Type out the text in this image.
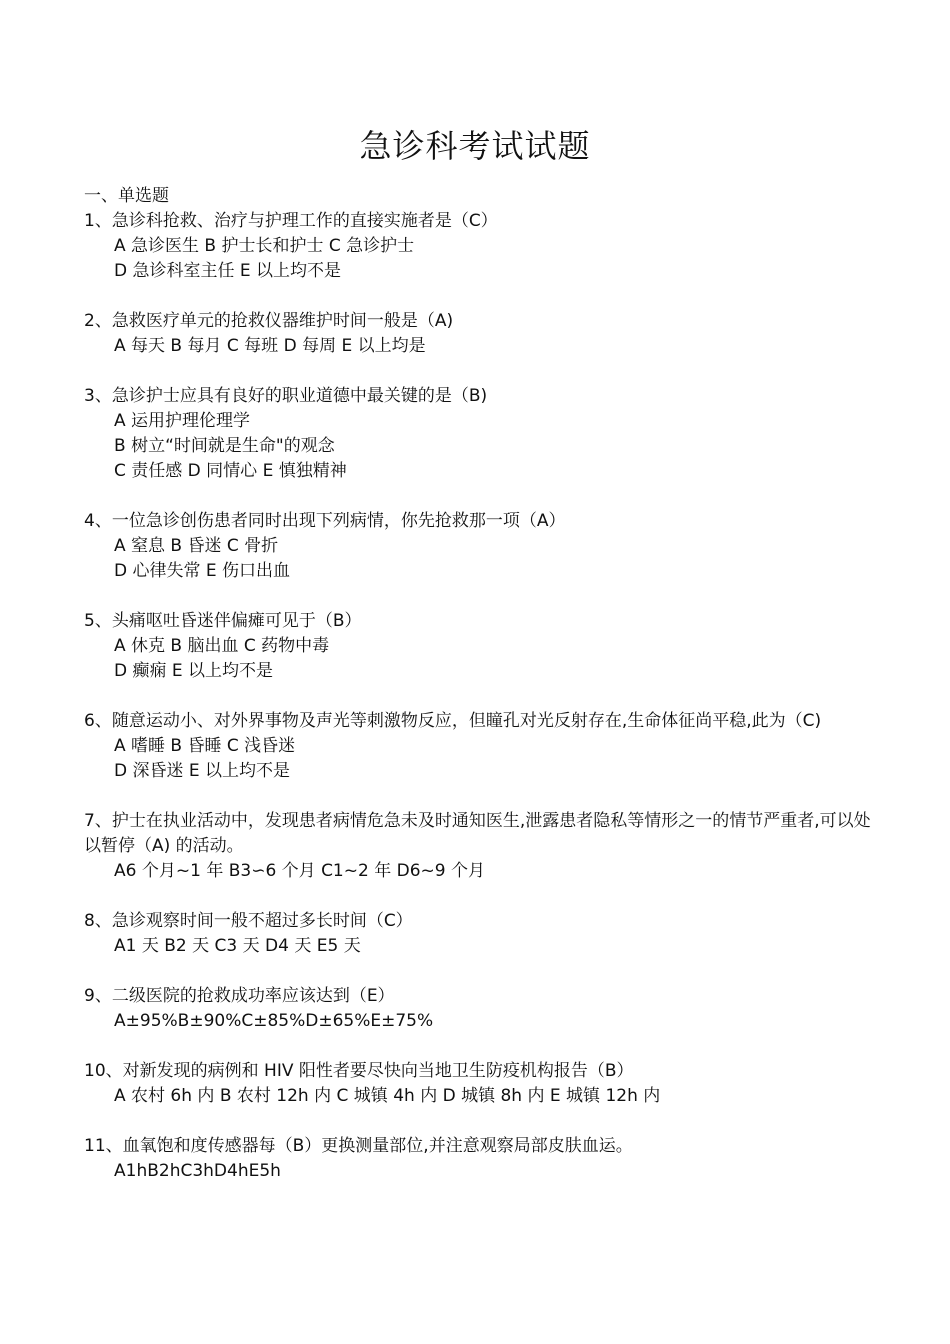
急诊科考试试题

一、单选题

1、急诊科抢救、治疗与护理工作的直接实施者是（C）

A 急诊医生 B 护士长和护士 C 急诊护士

D 急诊科室主任 E 以上均不是

2、急救医疗单元的抢救仪器维护时间一般是（A)

A 每天 B 每月 C 每班 D 每周 E 以上均是

3、急诊护士应具有良好的职业道德中最关键的是（B)

A 运用护理伦理学

B 树立“时间就是生命"的观念

C 责任感 D 同情心 E 慎独精神

4、一位急诊创伤患者同时出现下列病情，你先抢救那一项（A）

A 窒息 B 昏迷 C 骨折

D 心律失常 E 伤口出血

5、头痛呕吐昏迷伴偏瘫可见于（B）

A 休克 B 脑出血 C 药物中毒

D 癫痫 E 以上均不是

6、随意运动小、对外界事物及声光等刺激物反应，但瞳孔对光反射存在,生命体征尚平稳,此为（C)

A 嗜睡 B 昏睡 C 浅昏迷

D 深昏迷 E 以上均不是

7、护士在执业活动中，发现患者病情危急未及时通知医生,泄露患者隐私等情形之一的情节严重者,可以处以暂停（A) 的活动。

A6 个月~1 年 B3∽6 个月 C1~2 年 D6~9 个月

8、急诊观察时间一般不超过多长时间（C）

A1 天 B2 天 C3 天 D4 天 E5 天

9、二级医院的抢救成功率应该达到（E）

A±95%B±90%C±85%D±65%E±75%

10、对新发现的病例和 HIV 阳性者要尽快向当地卫生防疫机构报告（B）

A 农村 6h 内 B 农村 12h 内 C 城镇 4h 内 D 城镇 8h 内 E 城镇 12h 内

11、血氧饱和度传感器每（B）更换测量部位,并注意观察局部皮肤血运。

A1hB2hC3hD4hE5h
